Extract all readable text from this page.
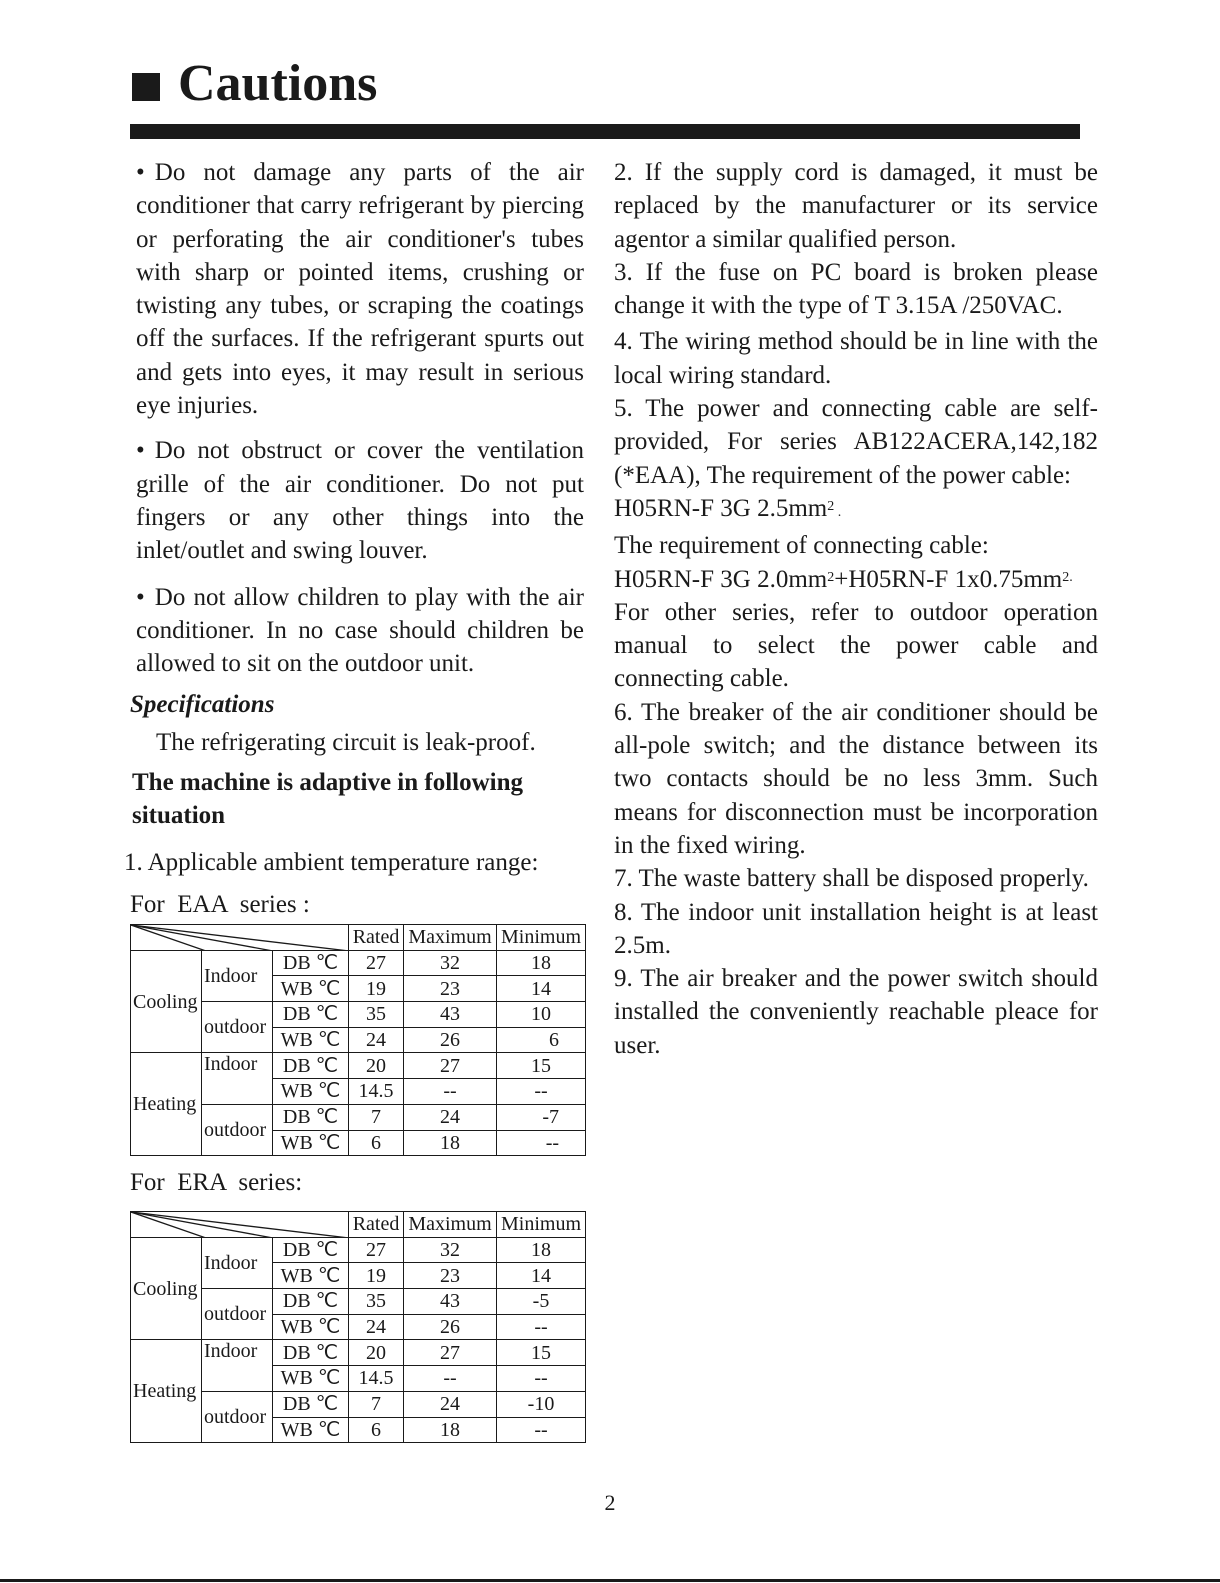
Cautions

• Do not damage any parts of the air conditioner that carry refrigerant by piercing or perforating the air conditioner's tubes with sharp or pointed items, crushing or twisting any tubes, or scraping the coatings off the surfaces. If the refrigerant spurts out and gets into eyes, it may result in serious eye injuries.

• Do not obstruct or cover the ventilation grille of the air conditioner. Do not put fingers or any other things into the inlet/outlet and swing louver.

• Do not allow children to play with the air conditioner. In no case should children be allowed to sit on the outdoor unit.

Specifications

The refrigerating circuit is leak-proof.

The machine is adaptive in following

situation

1. Applicable ambient temperature range:

For  EAA  series :

	Rated	Maximum	Minimum
Cooling	Indoor	DB ℃	27	32	18
		WB ℃	19	23	14
	outdoor	DB ℃	35	43	10
		WB ℃	24	26	6
Heating	Indoor	DB ℃	20	27	15
		WB ℃	14.5	--	--
	outdoor	DB ℃	7	24	-7
		WB ℃	6	18	--

For  ERA  series:

	Rated	Maximum	Minimum
Cooling	Indoor	DB ℃	27	32	18
		WB ℃	19	23	14
	outdoor	DB ℃	35	43	-5
		WB ℃	24	26	--
Heating	Indoor	DB ℃	20	27	15
		WB ℃	14.5	--	--
	outdoor	DB ℃	7	24	-10
		WB ℃	6	18	--

2. If the supply cord is damaged, it must be replaced by the manufacturer or its service agentor a similar qualified person.

3. If the fuse on PC board is broken please change it with the type of T 3.15A /250VAC.

4. The wiring method should be in line with the local wiring standard.

5. The power and connecting cable are self-provided, For series AB122ACERA,142,182 (*EAA), The requirement of the power cable:

H05RN-F 3G $2.5mm^2$ .

The requirement of connecting cable:

H05RN-F 3G $2.0mm^2+H05RN-F$ $1x0.75mm^{2.}$

For other series, refer to outdoor operation manual to select the power cable and connecting cable.

6. The breaker of the air conditioner should be all-pole switch; and the distance between its two contacts should be no less 3mm. Such means for disconnection must be incorporation in the fixed wiring.

7. The waste battery shall be disposed properly.

8. The indoor unit installation height is at least 2.5m.

9. The air breaker and the power switch should installed the conveniently reachable pleace for user.

2
